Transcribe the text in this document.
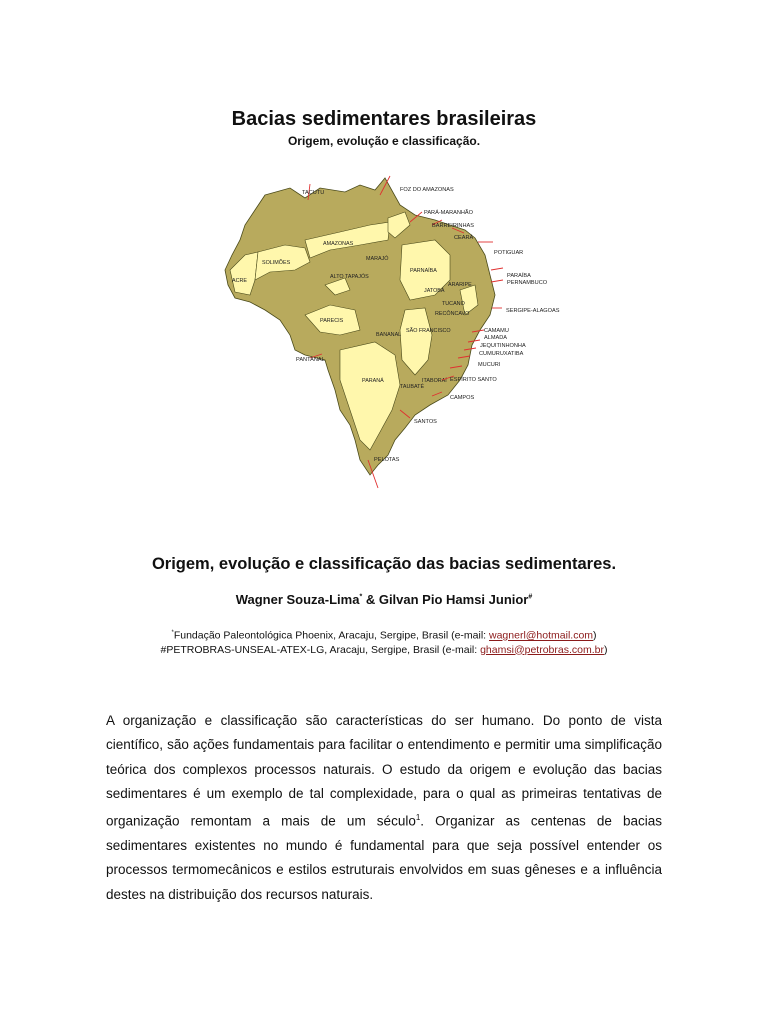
Bacias sedimentares brasileiras
Origem, evolução e classificação.
AMAZONAS
SOLIMÕES
ACRE
MARAJÓ
ALTO TAPAJÓS
PARNAÍBA
PARECIS
BANANAL
SÃO FRANCISCO
PARANÁ
TAUBATÉ
ARARIPE
JATOBÁ
TUCANO
RECÔNCAVO
ITABORAÍ
TACUTU	FOZ DO AMAZONAS
PARÁ-MARANHÃO
BARREIRINHAS
CEARÁ
POTIGUAR
PARAÍBA
PERNAMBUCO
SERGIPE-ALAGOAS
CAMAMU
ALMADA
JEQUITINHONHA
CUMURUXATIBA
MUCURI
ESPÍRITO SANTO
CAMPOS
SANTOS
PELOTAS
PANTANAL
Origem, evolução e classificação das bacias sedimentares.
Wagner Souza-Lima* & Gilvan Pio Hamsi Junior#
*Fundação Paleontológica Phoenix, Aracaju, Sergipe, Brasil (e-mail: wagnerl@hotmail.com)
#PETROBRAS-UNSEAL-ATEX-LG, Aracaju, Sergipe, Brasil (e-mail: ghamsi@petrobras.com.br)
A organização e classificação são características do ser humano. Do ponto de vista científico, são ações fundamentais para facilitar o entendimento e permitir uma simplificação teórica dos complexos processos naturais. O estudo da origem e evolução das bacias sedimentares é um exemplo de tal complexidade, para o qual as primeiras tentativas de organização remontam a mais de um século$^1$. Organizar as centenas de bacias sedimentares existentes no mundo é fundamental para que seja possível entender os processos termomecânicos e estilos estruturais envolvidos em suas gêneses e a influência destes na distribuição dos recursos naturais.
